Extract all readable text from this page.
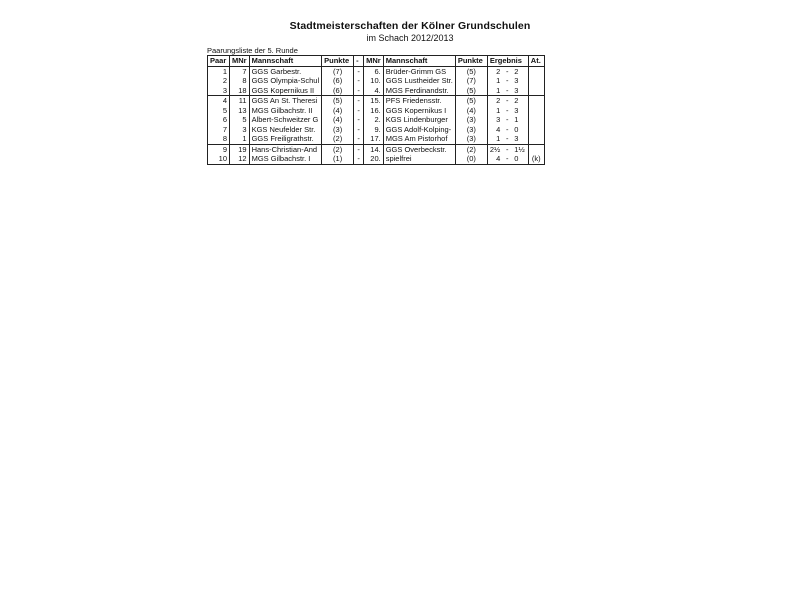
Stadtmeisterschaften der Kölner Grundschulen
im Schach 2012/2013
Paarungsliste der 5. Runde
Paar	MNr	Mannschaft	Punkte	-	MNr	Mannschaft	Punkte	Ergebnis			At.
1	7	GGS Garbestr.	(7)	-	6.	Brüder-Grimm GS	(5)	2	-	2	
2	8	GGS Olympia-Schul	(6)	-	10.	GGS Lustheider Str.	(7)	1	-	3	
3	18	GGS Kopernikus II	(6)	-	4.	MGS Ferdinandstr.	(5)	1	-	3	
4	11	GGS An St. Theresi	(5)	-	15.	PFS Friedensstr.	(5)	2	-	2	
5	13	MGS Gilbachstr. II	(4)	-	16.	GGS Kopernikus I	(4)	1	-	3	
6	5	Albert-Schweitzer G	(4)	-	2.	KGS Lindenburger	(3)	3	-	1	
7	3	KGS Neufelder Str.	(3)	-	9.	GGS Adolf-Kolping-	(3)	4	-	0	
8	1	GGS Freiligrathstr.	(2)	-	17.	MGS Am Pistorhof	(3)	1	-	3	
9	19	Hans-Christian-And	(2)	-	14.	GGS Overbeckstr.	(2)	2½	-	1½	
10	12	MGS Gilbachstr. I	(1)	-	20.	spielfrei	(0)	4	-	0	(k)
